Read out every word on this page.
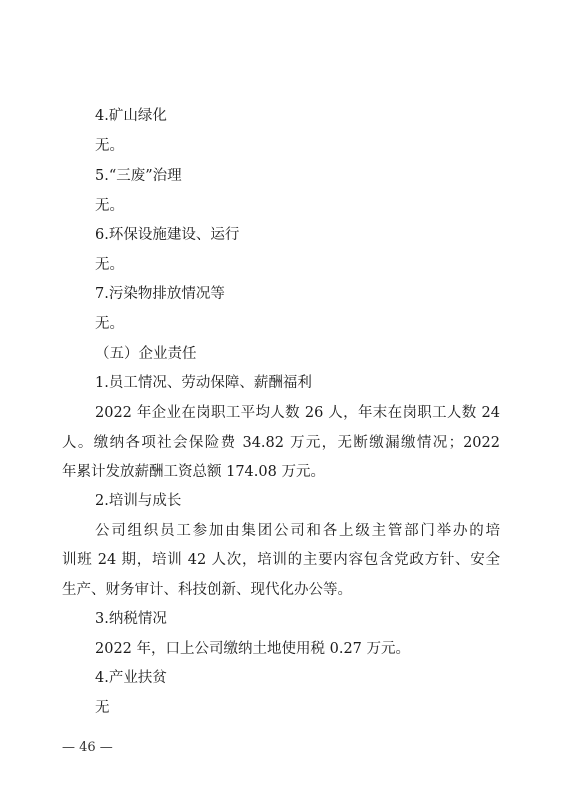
4.矿山绿化
无。
5.“三废”治理
无。
6.环保设施建设、运行
无。
7.污染物排放情况等
无。
（五）企业责任
1.员工情况、劳动保障、薪酬福利
2022 年企业在岗职工平均人数 26 人，年末在岗职工人数 24
人。缴纳各项社会保险费 34.82 万元，无断缴漏缴情况；2022
年累计发放薪酬工资总额 174.08 万元。
2.培训与成长
公司组织员工参加由集团公司和各上级主管部门举办的培
训班 24 期，培训 42 人次，培训的主要内容包含党政方针、安全
生产、财务审计、科技创新、现代化办公等。
3.纳税情况
2022 年，口上公司缴纳土地使用税 0.27 万元。
4.产业扶贫
无
— 46 —
